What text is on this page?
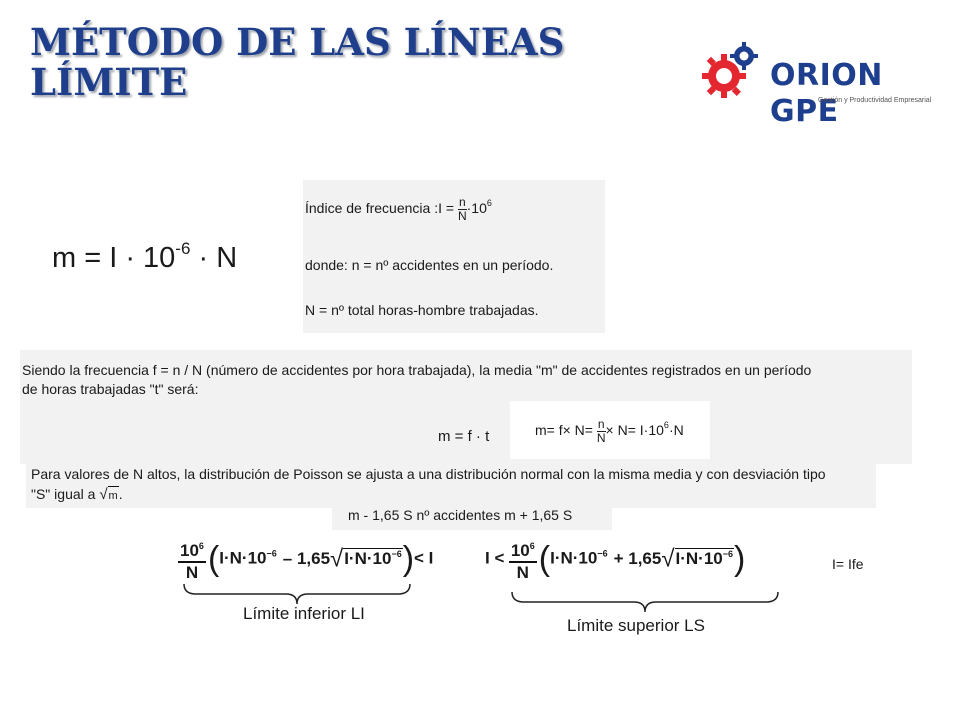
MÉTODO DE LAS LÍNEAS
LÍMITE	ORION GPE
Gestión y Productividad Empresarial
$m = I \cdot 10^{-6} \cdot N$
Índice de frecuencia :I = $\frac{n}{N} \cdot 10^6$
donde: n = nº accidentes en un período.
N = nº total horas-hombre trabajadas.
Siendo la frecuencia f = n / N (número de accidentes por hora trabajada), la media "m" de accidentes registrados en un período
de horas trabajadas "t" será:
m = f · t	$m= f\times N= \frac{n}{N} \times N= I\cdot 10^6\cdot N$
Para valores de N altos, la distribución de Poisson se ajusta a una distribución normal con la misma media y con desviación tipo
"S" igual a √m.
m - 1,65 S nº accidentes m + 1,65 S
$\frac{10^6}{N}(I\cdot N\cdot 10^{-6} - 1,65√I\cdot N\cdot 10^{-6})< I$
Límite inferior LI
$I < \frac{10^6}{N}(I\cdot N\cdot 10^{-6} + 1,65√I\cdot N\cdot 10^{-6})$
Límite superior LS
I= Ife
